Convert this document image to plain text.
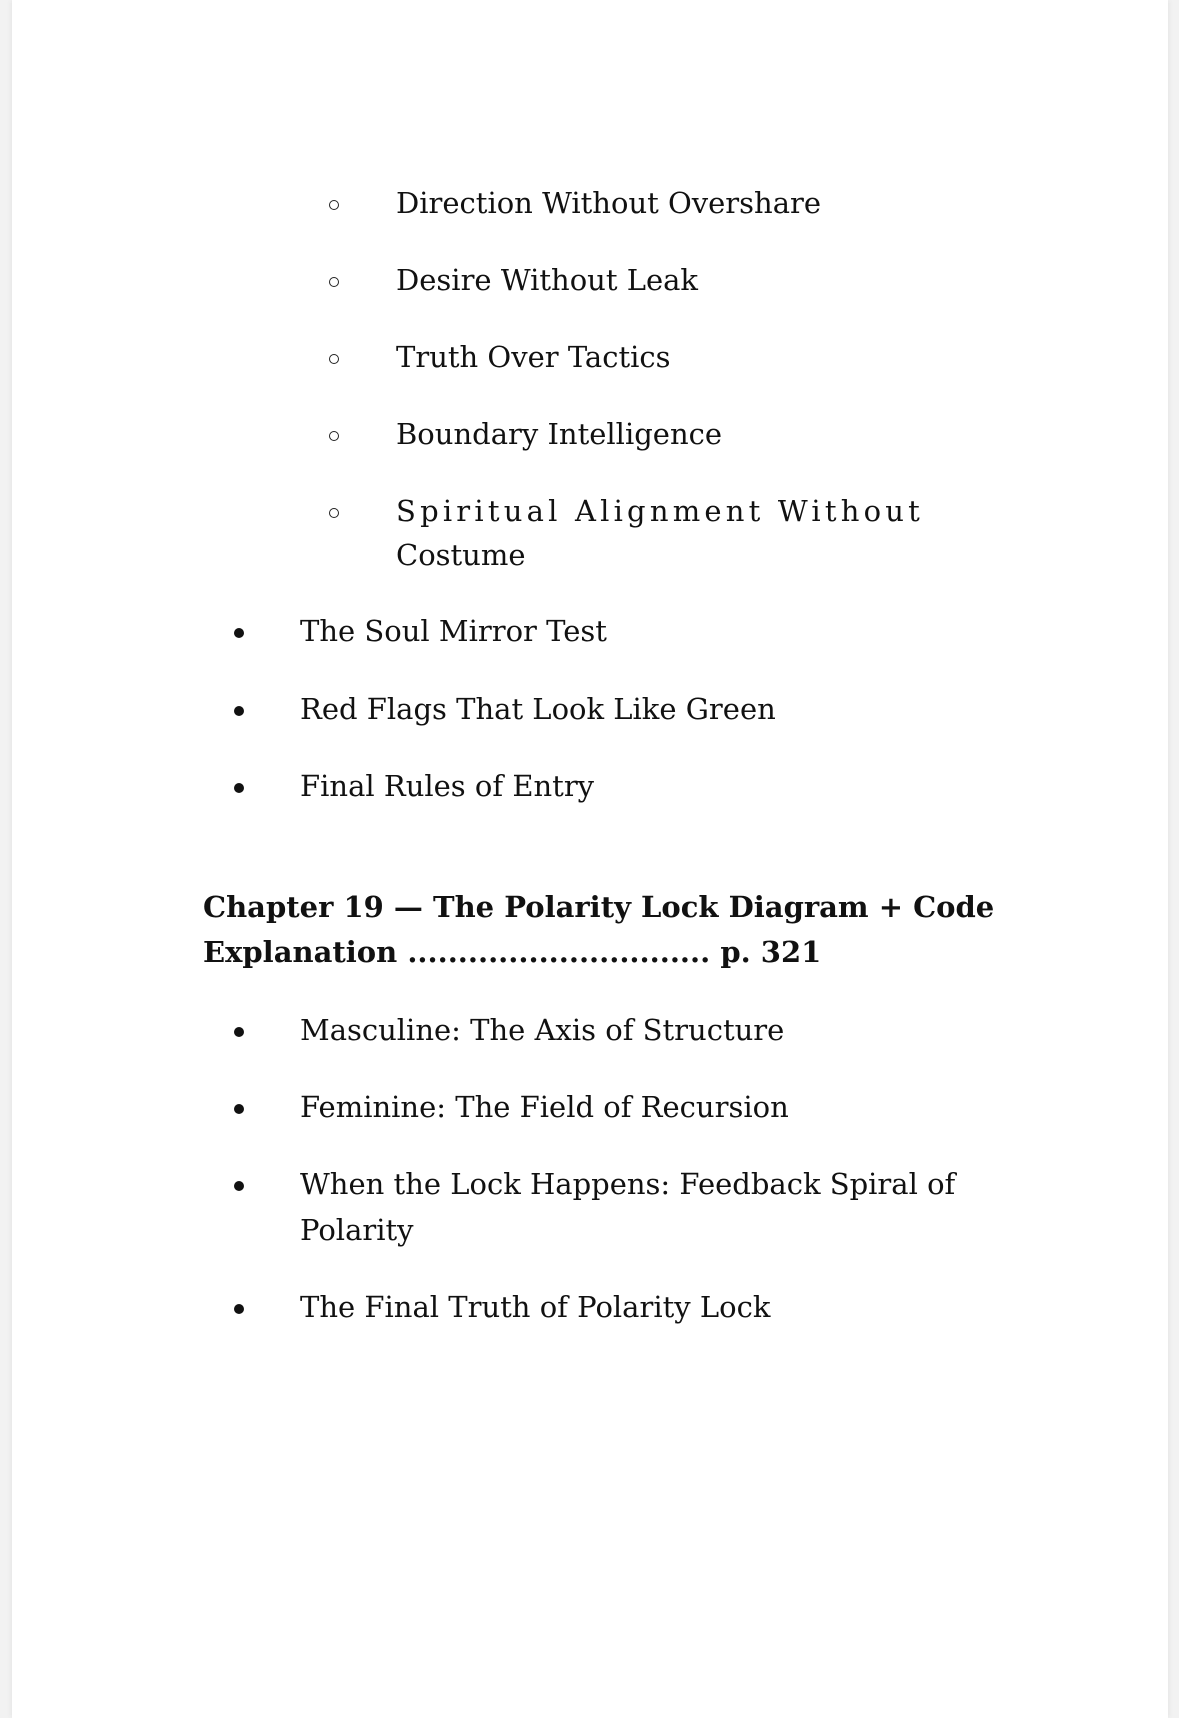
Direction Without Overshare
Desire Without Leak
Truth Over Tactics
Boundary Intelligence
Spiritual Alignment Without
Costume
The Soul Mirror Test
Red Flags That Look Like Green
Final Rules of Entry
Chapter 19 — The Polarity Lock Diagram + Code
Explanation .............................. p. 321
Masculine: The Axis of Structure
Feminine: The Field of Recursion
When the Lock Happens: Feedback Spiral of
Polarity
The Final Truth of Polarity Lock
